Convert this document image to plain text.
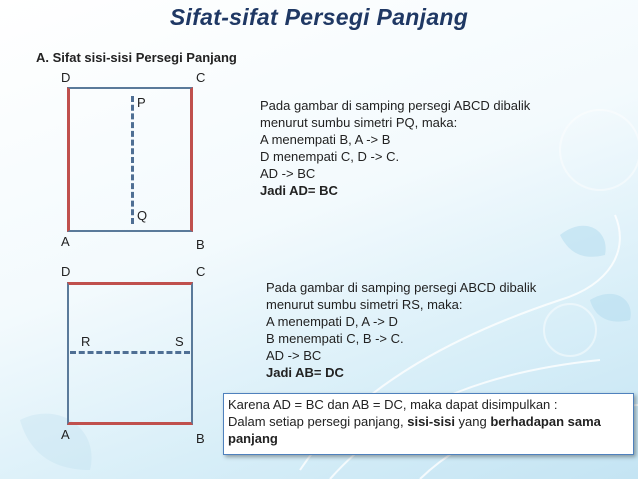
Sifat-sifat Persegi Panjang
A. Sifat sisi-sisi Persegi Panjang
D	C
A	B
P
Q
Pada gambar di samping persegi ABCD dibalik
menurut sumbu simetri PQ, maka:
A menempati B, A -> B
D menempati C, D -> C.
AD -> BC
Jadi AD= BC
D	C
A	B
R	S
Pada gambar di samping persegi ABCD dibalik
menurut sumbu simetri RS, maka:
A menempati D, A -> D
B menempati C, B -> C.
AD -> BC
Jadi AB= DC
Karena AD = BC dan AB = DC, maka dapat disimpulkan :
Dalam setiap persegi panjang, sisi-sisi yang berhadapan sama
panjang
